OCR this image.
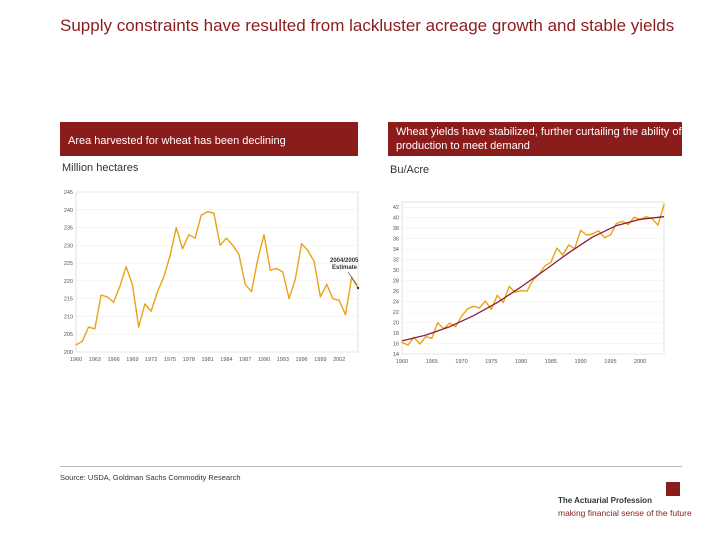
Supply constraints have resulted from lackluster acreage growth and stable yields
Area harvested for wheat has been declining
Million hectares
200
205
210
215
220
225
230
235
240
245
1960 1963 1966 1969 1972 1975 1978 1981 1984 1987 1990 1993 1996 1999 2002
2004/2005
Estimate
Wheat yields have stabilized, further curtailing the ability of production to meet demand
Bu/Acre
14
16
18
20
22
24
26
28
30
32
34
36
38
40
42
1960	1965	1970	1975	1980	1985	1990	1995	2000
Source: USDA, Goldman Sachs Commodity Research
The Actuarial Profession
making financial sense of the future
